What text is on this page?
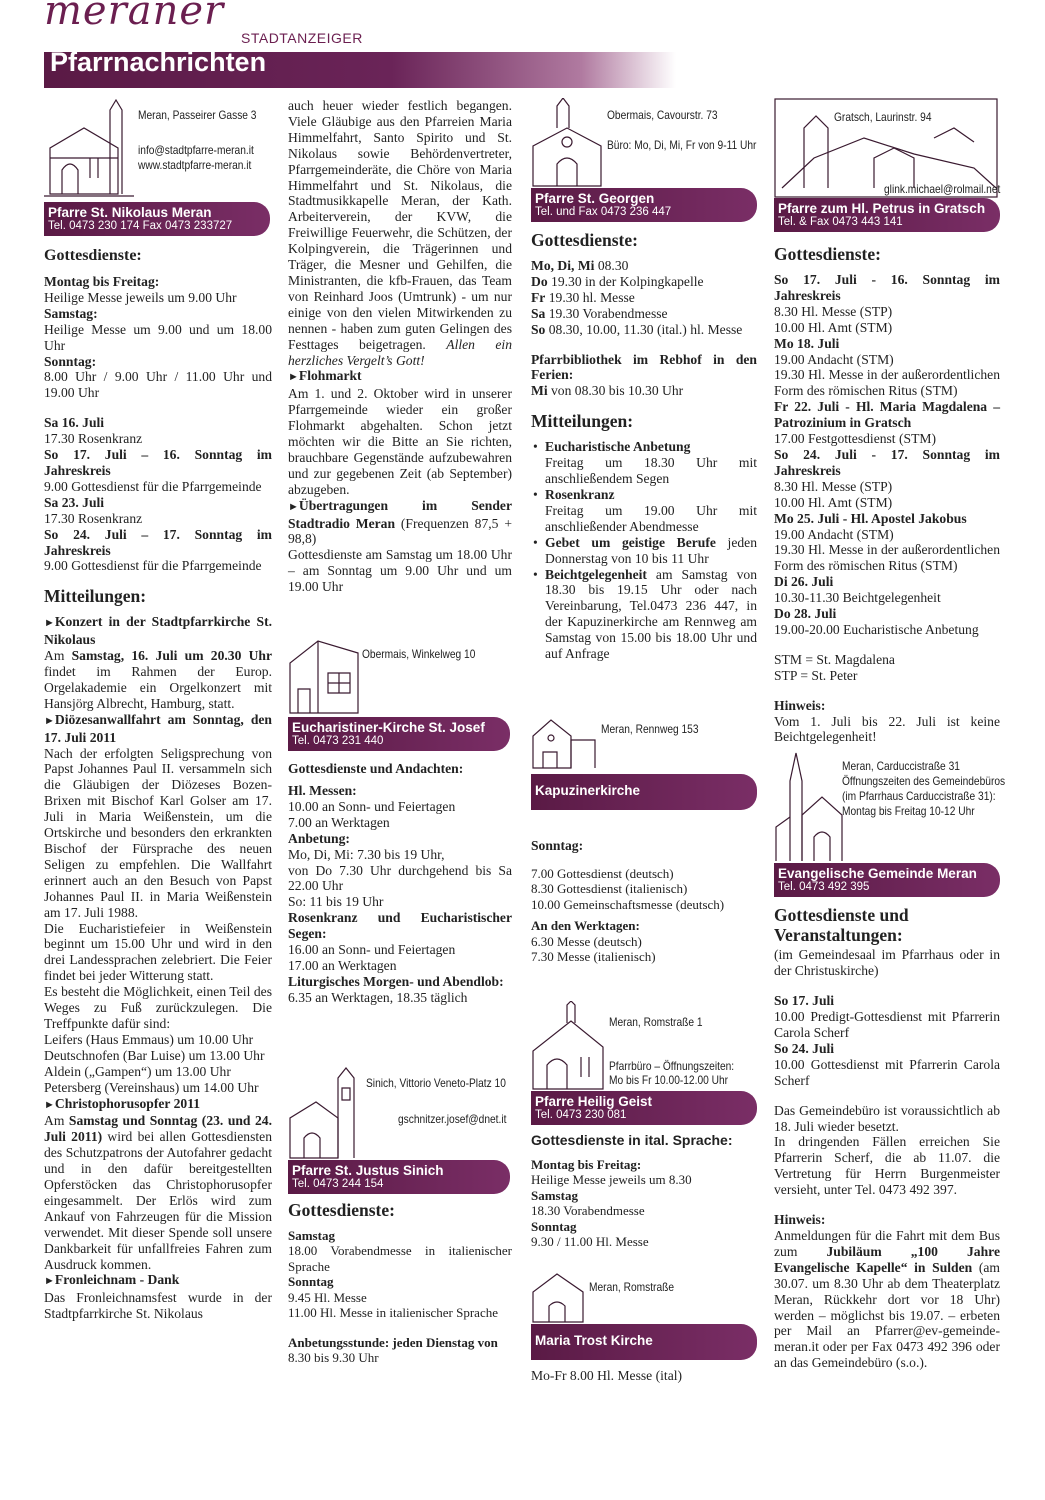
meraner
STADTANZEIGER
Pfarrnachrichten
Meran, Passeirer Gasse 3
info@stadtpfarre-meran.it
www.stadtpfarre-meran.it
Pfarre St. Nikolaus Meran
Tel. 0473 230 174 Fax 0473 233727
Gottesdienste:

Montag bis Freitag:
Heilige Messe jeweils um 9.00 Uhr
Samstag:
Heilige Messe um 9.00 und um 18.00 Uhr
Sonntag:
8.00 Uhr / 9.00 Uhr / 11.00 Uhr und 19.00 Uhr

Sa 16. Juli
17.30 Rosenkranz
So 17. Juli – 16. Sonntag im Jahreskreis
9.00 Gottesdienst für die Pfarrgemeinde
Sa 23. Juli
17.30 Rosenkranz
So 24. Juli – 17. Sonntag im Jahreskreis
9.00 Gottesdienst für die Pfarrgemeinde

Mitteilungen:

► Konzert in der Stadtpfarrkirche St. Nikolaus
Am Samstag, 16. Juli um 20.30 Uhr findet im Rahmen der Europ. Orgelakademie ein Orgelkonzert mit Hansjörg Albrecht, Hamburg, statt.

► Diözesanwallfahrt am Sonntag, den 17. Juli 2011
Nach der erfolgten Seligsprechung von Papst Johannes Paul II. versammeln sich die Gläubigen der Diözeses Bozen-Brixen mit Bischof Karl Golser am 17. Juli in Maria Weißenstein, um die Ortskirche und besonders den erkrankten Bischof der Fürsprache des neuen Seligen zu empfehlen. Die Wallfahrt erinnert auch an den Besuch von Papst Johannes Paul II. in Maria Weißenstein am 17. Juli 1988.

Die Eucharistiefeier in Weißenstein beginnt um 15.00 Uhr und wird in den drei Landessprachen zelebriert. Die Feier findet bei jeder Witterung statt.

Es besteht die Möglichkeit, einen Teil des Weges zu Fuß zurückzulegen. Die Treffpunkte dafür sind:

Leifers (Haus Emmaus) um 10.00 Uhr

Deutschnofen (Bar Luise) um 13.00 Uhr

Aldein („Gampen“) um 13.00 Uhr

Petersberg (Vereinshaus) um 14.00 Uhr

► Christophorusopfer 2011
Am Samstag und Sonntag (23. und 24. Juli 2011) wird bei allen Gottesdiensten des Schutzpatrons der Autofahrer gedacht und in den dafür bereitgestellten Opferstöcken das Christophorusopfer eingesammelt. Der Erlös wird zum Ankauf von Fahrzeugen für die Mission verwendet. Mit dieser Spende soll unsere Dankbarkeit für unfallfreies Fahren zum Ausdruck kommen.

► Fronleichnam - Dank
Das Fronleichnamsfest wurde in der Stadtpfarrkirche St. Nikolaus

auch heuer wieder festlich begangen. Viele Gläubige aus den Pfarreien Maria Himmelfahrt, Santo Spirito und St. Nikolaus sowie Behördenvertreter, Pfarrgemeinderäte, die Chöre von Maria Himmelfahrt und St. Nikolaus, die Stadtmusikkapelle Meran, der Kath. Arbeiterverein, der KVW, die Freiwillige Feuerwehr, die Schützen, der Kolpingverein, die Trägerinnen und Träger, die Mesner und Gehilfen, die Ministranten, die kfb-Frauen, das Team von Reinhard Joos (Umtrunk) - um nur einige von den vielen Mitwirkenden zu nennen - haben zum guten Gelingen des Festtages beigetragen. Allen ein herzliches Vergelt’s Gott!

► Flohmarkt
Am 1. und 2. Oktober wird in unserer Pfarrgemeinde wieder ein großer Flohmarkt abgehalten. Schon jetzt möchten wir die Bitte an Sie richten, brauchbare Gegenstände aufzubewahren und zur gegebenen Zeit (ab September) abzugeben.

► Übertragungen im Sender Stadtradio Meran (Frequenzen 87,5 + 98,8)
Gottesdienste am Samstag um 18.00 Uhr – am Sonntag um 9.00 Uhr und um 19.00 Uhr

Obermais, Winkelweg 10
Eucharistiner-Kirche St. Josef
Tel. 0473 231 440

Gottesdienste und Andachten:

Hl. Messen:
10.00 an Sonn- und Feiertagen
7.00 an Werktagen
Anbetung:
Mo, Di, Mi: 7.30 bis 19 Uhr,
von Do 7.30 Uhr durchgehend bis Sa 22.00 Uhr
So: 11 bis 19 Uhr
Rosenkranz und Eucharistischer Segen:
16.00 an Sonn- und Feiertagen
17.00 an Werktagen
Liturgisches Morgen- und Abendlob:
6.35 an Werktagen, 18.35 täglich

Sinich, Vittorio Veneto-Platz 10
gschnitzer.josef@dnet.it
Pfarre St. Justus Sinich
Tel. 0473 244 154
Gottesdienste:

Samstag
18.00 Vorabendmesse in italienischer Sprache
Sonntag
9.45 Hl. Messe
11.00 Hl. Messe in italienischer Sprache

Anbetungsstunde: jeden Dienstag von
8.30 bis 9.30 Uhr

Obermais, Cavourstr. 73
Büro: Mo, Di, Mi, Fr von 9-11 Uhr
Pfarre St. Georgen
Tel. und Fax 0473 236 447
Gottesdienste:

Mo, Di, Mi 08.30
Do 19.30 in der Kolpingkapelle
Fr 19.30 hl. Messe
Sa 19.30 Vorabendmesse
So 08.30, 10.00, 11.30 (ital.) hl. Messe

Pfarrbibliothek im Rebhof in den Ferien:
Mi von 08.30 bis 10.30 Uhr

Mitteilungen:
• Eucharistische Anbetung
Freitag um 18.30 Uhr mit anschließendem Segen
• Rosenkranz
Freitag um 19.00 Uhr mit anschließender Abendmesse
• Gebet um geistige Berufe jeden Donnerstag von 10 bis 11 Uhr
• Beichtgelegenheit am Samstag von 18.30 bis 19.15 Uhr oder nach Vereinbarung, Tel.0473 236 447, in der Kapuzinerkirche am Rennweg am Samstag von 15.00 bis 18.00 Uhr und auf Anfrage
Meran, Rennweg 153
Kapuzinerkirche

Sonntag:

7.00 Gottesdienst (deutsch)
8.30 Gottesdienst (italienisch)
10.00 Gemeinschaftsmesse (deutsch)

An den Werktagen:
6.30 Messe (deutsch)
7.30 Messe (italienisch)

Meran, Romstraße 1
Pfarrbüro – Öffnungszeiten:
Mo bis Fr 10.00-12.00 Uhr
Pfarre Heilig Geist
Tel. 0473 230 081

Gottesdienste in ital. Sprache:

Montag bis Freitag:
Heilige Messe jeweils um 8.30
Samstag
18.30 Vorabendmesse
Sonntag
9.30 / 11.00 Hl. Messe

Meran, Romstraße
Maria Trost Kirche

Mo-Fr 8.00 Hl. Messe (ital)

Gratsch, Laurinstr. 94
glink.michael@rolmail.net
Pfarre zum Hl. Petrus in Gratsch
Tel. & Fax 0473 443 141
Gottesdienste:

So 17. Juli - 16. Sonntag im Jahreskreis
8.30 Hl. Messe (STP)
10.00 Hl. Amt (STM)
Mo 18. Juli
19.00 Andacht (STM)
19.30 Hl. Messe in der außerordentlichen Form des römischen Ritus (STM)
Fr 22. Juli - Hl. Maria Magdalena – Patrozinium in Gratsch
17.00 Festgottesdienst (STM)
So 24. Juli - 17. Sonntag im Jahreskreis
8.30 Hl. Messe (STP)
10.00 Hl. Amt (STM)
Mo 25. Juli - Hl. Apostel Jakobus
19.00 Andacht (STM)
19.30 Hl. Messe in der außerordentlichen Form des römischen Ritus (STM)
Di 26. Juli
10.30-11.30 Beichtgelegenheit
Do 28. Juli
19.00-20.00 Eucharistische Anbetung

STM = St. Magdalena
STP = St. Peter

Hinweis:
Vom 1. Juli bis 22. Juli ist keine Beichtgelegenheit!

Meran, Carduccistraße 31
Öffnungszeiten des Gemeindebüros
(im Pfarrhaus Carduccistraße 31):
Montag bis Freitag 10-12 Uhr
Evangelische Gemeinde Meran
Tel. 0473 492 395
Gottesdienste und Veranstaltungen:

(im Gemeindesaal im Pfarrhaus oder in der Christuskirche)

So 17. Juli
10.00 Predigt-Gottesdienst mit Pfarrerin Carola Scherf
So 24. Juli
10.00 Gottesdienst mit Pfarrerin Carola Scherf

Das Gemeindebüro ist voraussichtlich ab 18. Juli wieder besetzt.

In dringenden Fällen erreichen Sie Pfarrerin Scherf, die ab 11.07. die Vertretung für Herrn Burgenmeister versieht, unter Tel. 0473 492 397.

Hinweis:
Anmeldungen für die Fahrt mit dem Bus zum Jubiläum „100 Jahre Evangelische Kapelle“ in Sulden (am 30.07. um 8.30 Uhr ab dem Theaterplatz Meran, Rückkehr dort vor 18 Uhr) werden – möglichst bis 19.07. – erbeten per Mail an Pfarrer@ev-gemeinde-meran.it oder per Fax 0473 492 396 oder an das Gemeindebüro (s.o.).
